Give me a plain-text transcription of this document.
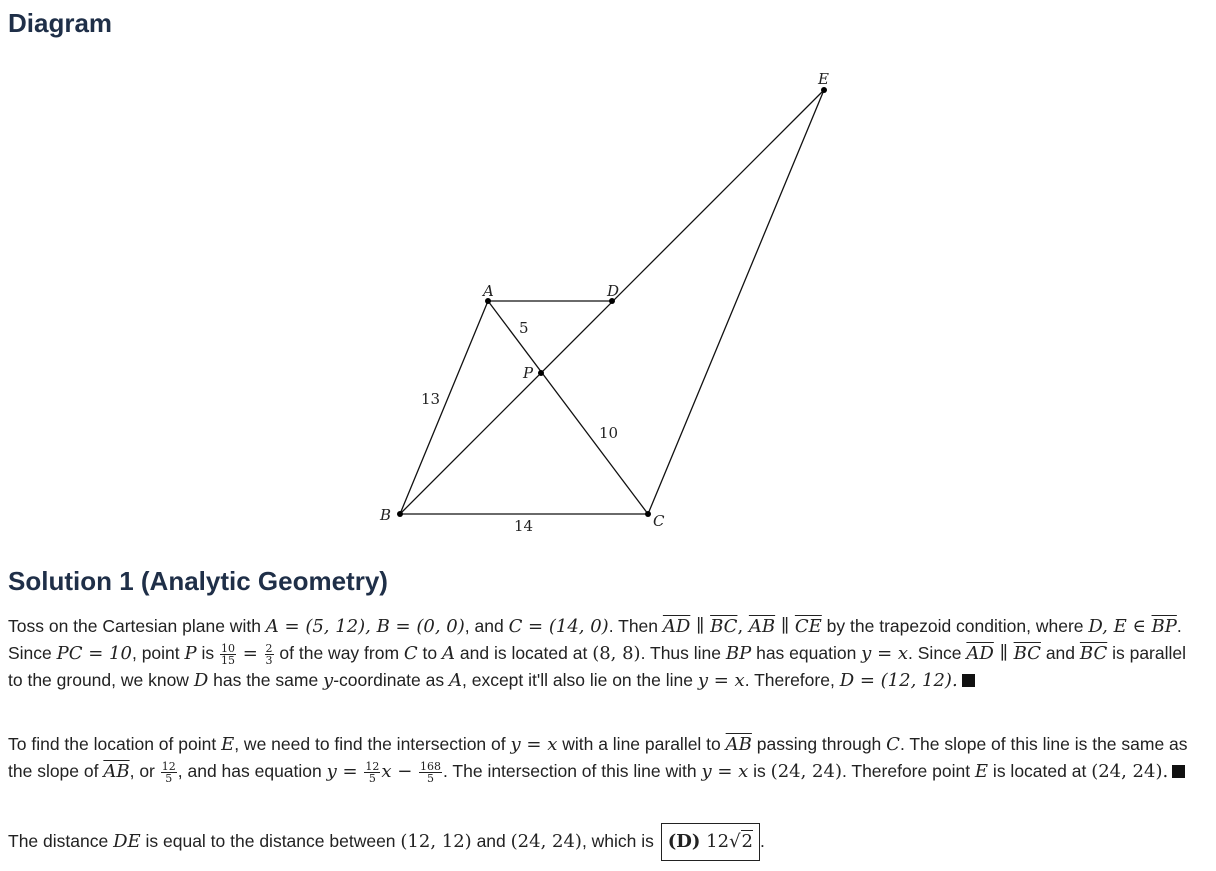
Diagram
A
B	C
D
E
P
13
5
10
14
Solution 1 (Analytic Geometry)

Toss on the Cartesian plane with A = (5, 12), B = (0, 0), and C = (14, 0). Then $\overline{AD}$ ∥ $\overline{BC}$, $\overline{AB}$ ∥ $\overline{CE}$ by the trapezoid condition, where D, E ∈ $\overline{BP}$. Since PC = 10, point P is $\frac{10}{15} = \frac{2}{3}$ of the way from C to A and is located at (8, 8). Thus line BP has equation y = x. Since $\overline{AD}$ ∥ $\overline{BC}$ and $\overline{BC}$ is parallel to the ground, we know D has the same y-coordinate as A, except it'll also lie on the line y = x. Therefore, D = (12, 12).

To find the location of point E, we need to find the intersection of y = x with a line parallel to $\overline{AB}$ passing through C. The slope of this line is the same as the slope of $\overline{AB}$, or $\frac{12}{5}$ , and has equation $y = \frac{12}{5}$ $x - \frac{168}{5}$ . The intersection of this line with y = x is (24, 24). Therefore point E is located at (24, 24).

The distance DE is equal to the distance between (12, 12) and (24, 24), which is (D) 12√2 .
